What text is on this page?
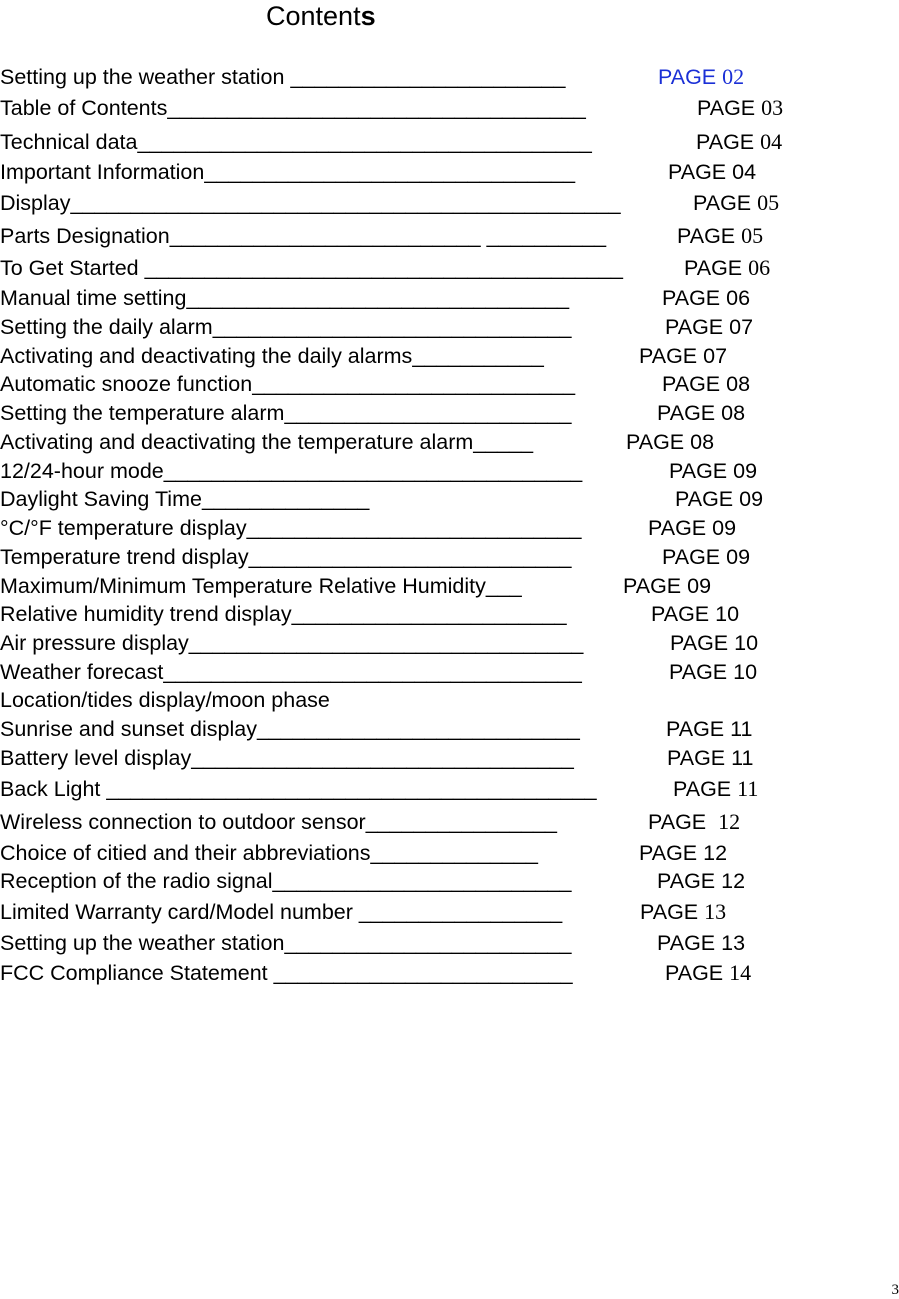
Contents
Setting up the weather station _______________________	PAGE 02
Table of Contents___________________________________	PAGE 03
Technical data______________________________________	PAGE 04
Important Information_______________________________	PAGE 04
Display______________________________________________	PAGE 05
Parts Designation__________________________ __________	PAGE 05
To Get Started ________________________________________	PAGE 06
Manual time setting________________________________	PAGE 06
Setting the daily alarm______________________________	PAGE 07
Activating and deactivating the daily alarms___________	PAGE 07
Automatic snooze function___________________________	PAGE 08
Setting the temperature alarm________________________	PAGE 08
Activating and deactivating the temperature alarm_____	PAGE 08
12/24-hour mode___________________________________	PAGE 09
Daylight Saving Time______________	PAGE 09
°C/°F temperature display____________________________	PAGE 09
Temperature trend display___________________________	PAGE 09
Maximum/Minimum Temperature Relative Humidity___	PAGE 09
Relative humidity trend display_______________________	PAGE 10
Air pressure display_________________________________	PAGE 10
Weather forecast___________________________________	PAGE 10
Location/tides display/moon phase
Sunrise and sunset display___________________________	PAGE 11
Battery level display________________________________	PAGE 11
Back Light _________________________________________	PAGE 11
Wireless connection to outdoor sensor________________	PAGE 12
Choice of citied and their abbreviations______________	PAGE 12
Reception of the radio signal_________________________	PAGE 12
Limited Warranty card/Model number _________________	PAGE 13
Setting up the weather station________________________	PAGE 13
FCC Compliance Statement _________________________	PAGE 14
3
